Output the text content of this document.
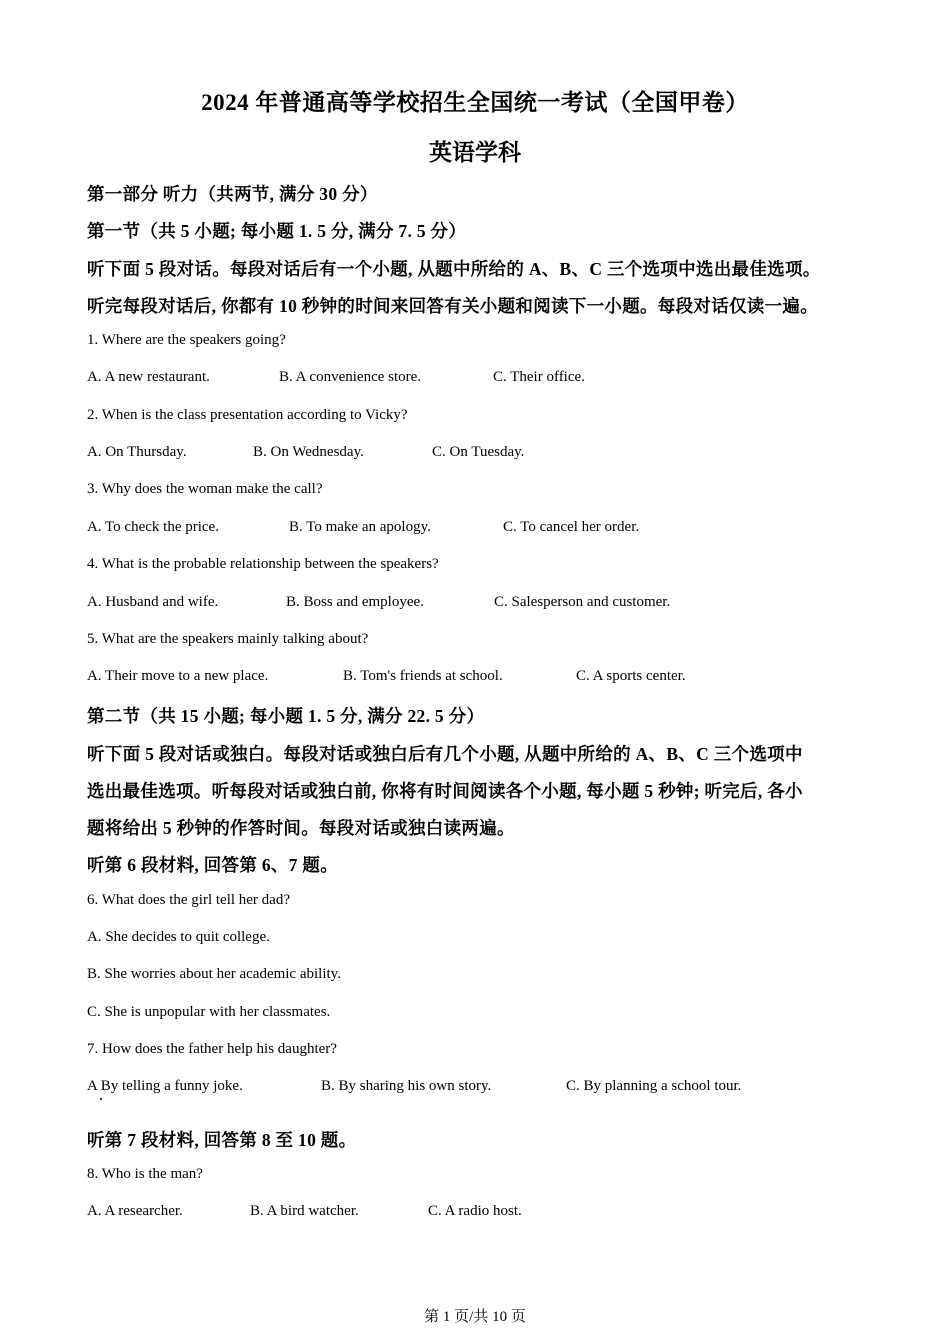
2024 年普通高等学校招生全国统一考试（全国甲卷）
英语学科
第一部分 听力（共两节, 满分 30 分）
第一节（共 5 小题; 每小题 1. 5 分, 满分 7. 5 分）
听下面 5 段对话。每段对话后有一个小题, 从题中所给的 A、B、C 三个选项中选出最佳选项。
听完每段对话后, 你都有 10 秒钟的时间来回答有关小题和阅读下一小题。每段对话仅读一遍。
1. Where are the speakers going?
A. A new restaurant.	B. A convenience store.	C. Their office.
2. When is the class presentation according to Vicky?
A. On Thursday.	B. On Wednesday.	C. On Tuesday.
3. Why does the woman make the call?
A. To check the price.	B. To make an apology.	C. To cancel her order.
4. What is the probable relationship between the speakers?
A. Husband and wife.	B. Boss and employee.	C. Salesperson and customer.
5. What are the speakers mainly talking about?
A. Their move to a new place.	B. Tom's friends at school.	C. A sports center.
第二节（共 15 小题; 每小题 1. 5 分, 满分 22. 5 分）
听下面 5 段对话或独白。每段对话或独白后有几个小题, 从题中所给的 A、B、C 三个选项中
选出最佳选项。听每段对话或独白前, 你将有时间阅读各个小题, 每小题 5 秒钟; 听完后, 各小
题将给出 5 秒钟的作答时间。每段对话或独白读两遍。
听第 6 段材料, 回答第 6、7 题。
6. What does the girl tell her dad?
A. She decides to quit college.
B. She worries about her academic ability.
C. She is unpopular with her classmates.
7. How does the father help his daughter?
A By telling a funny joke.	B. By sharing his own story.	C. By planning a school tour.
听第 7 段材料, 回答第 8 至 10 题。
8. Who is the man?
A. A researcher.	B. A bird watcher.	C. A radio host.
第 1 页/共 10 页
